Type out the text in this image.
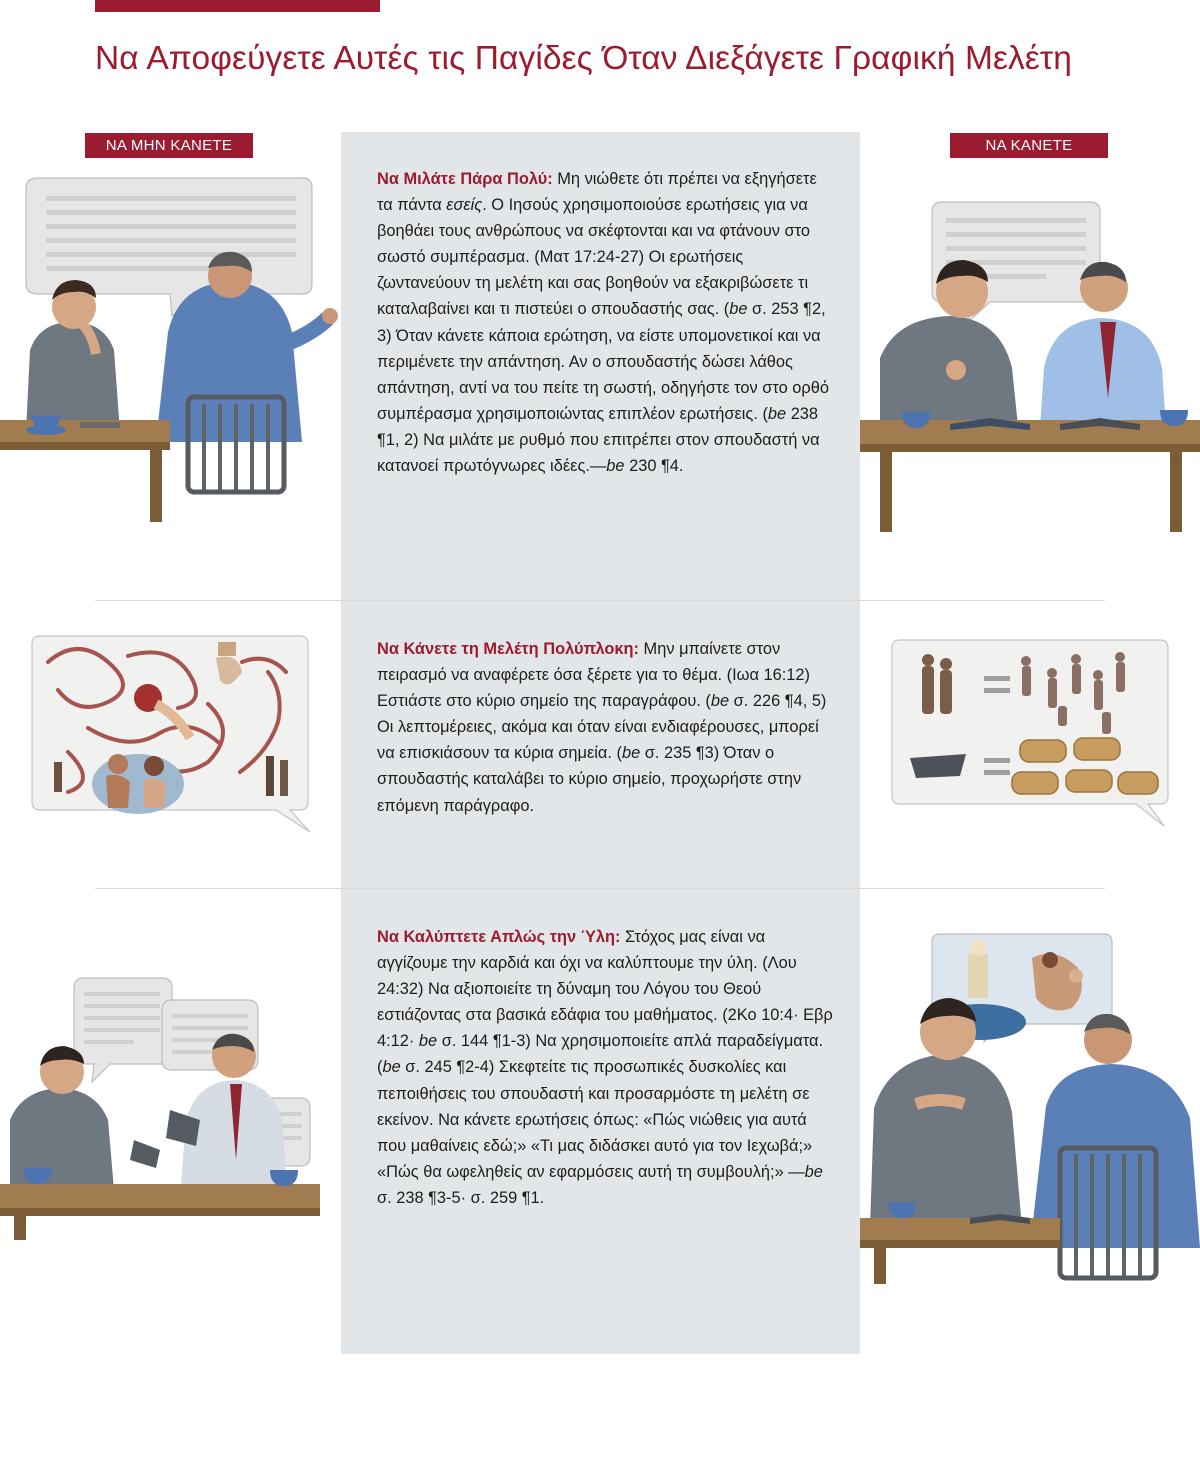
Να Αποφεύγετε Αυτές τις Παγίδες Όταν Διεξάγετε Γραφική Μελέτη
ΝΑ ΜΗΝ ΚΑΝΕΤΕ	ΝΑ ΚΑΝΕΤΕ

Να Μιλάτε Πάρα Πολύ: Μη νιώθετε ότι πρέπει να εξηγήσετε τα πάντα εσείς. Ο Ιησούς χρησιμοποιούσε ερωτήσεις για να βοηθάει τους ανθρώπους να σκέφτονται και να φτάνουν στο σωστό συμπέρασμα. (Ματ 17:24-27) Οι ερωτήσεις ζωντανεύουν τη μελέτη και σας βοηθούν να εξακριβώσετε τι καταλαβαίνει και τι πιστεύει ο σπουδαστής σας. (be σ. 253 ¶2, 3) Όταν κάνετε κάποια ερώτηση, να είστε υπομονετικοί και να περιμένετε την απάντηση. Αν ο σπουδαστής δώσει λάθος απάντηση, αντί να του πείτε τη σωστή, οδηγήστε τον στο ορθό συμπέρασμα χρησιμοποιώντας επιπλέον ερωτήσεις. (be 238 ¶1, 2) Να μιλάτε με ρυθμό που επιτρέπει στον σπουδαστή να κατανοεί πρωτόγνωρες ιδέες.—be 230 ¶4.

Να Κάνετε τη Μελέτη Πολύπλοκη: Μην μπαίνετε στον πειρασμό να αναφέρετε όσα ξέρετε για το θέμα. (Ιωα 16:12) Εστιάστε στο κύριο σημείο της παραγράφου. (be σ. 226 ¶4, 5) Οι λεπτομέρειες, ακόμα και όταν είναι ενδιαφέρουσες, μπορεί να επισκιάσουν τα κύρια σημεία. (be σ. 235 ¶3) Όταν ο σπουδαστής καταλάβει το κύριο σημείο, προχωρήστε στην επόμενη παράγραφο.

Να Καλύπτετε Απλώς την Ύλη: Στόχος μας είναι να αγγίζουμε την καρδιά και όχι να καλύπτουμε την ύλη. (Λου 24:32) Να αξιοποιείτε τη δύναμη του Λόγου του Θεού εστιάζοντας στα βασικά εδάφια του μαθήματος. (2Κο 10:4· Εβρ 4:12· be σ. 144 ¶1-3) Να χρησιμοποιείτε απλά παραδείγματα. (be σ. 245 ¶2-4) Σκεφτείτε τις προσωπικές δυσκολίες και πεποιθήσεις του σπουδαστή και προσαρμόστε τη μελέτη σε εκείνον. Να κάνετε ερωτήσεις όπως: «Πώς νιώθεις για αυτά που μαθαίνεις εδώ;» «Τι μας διδάσκει αυτό για τον Ιεχωβά;» «Πώς θα ωφεληθείς αν εφαρμόσεις αυτή τη συμβουλή;» —be σ. 238 ¶3-5· σ. 259 ¶1.
